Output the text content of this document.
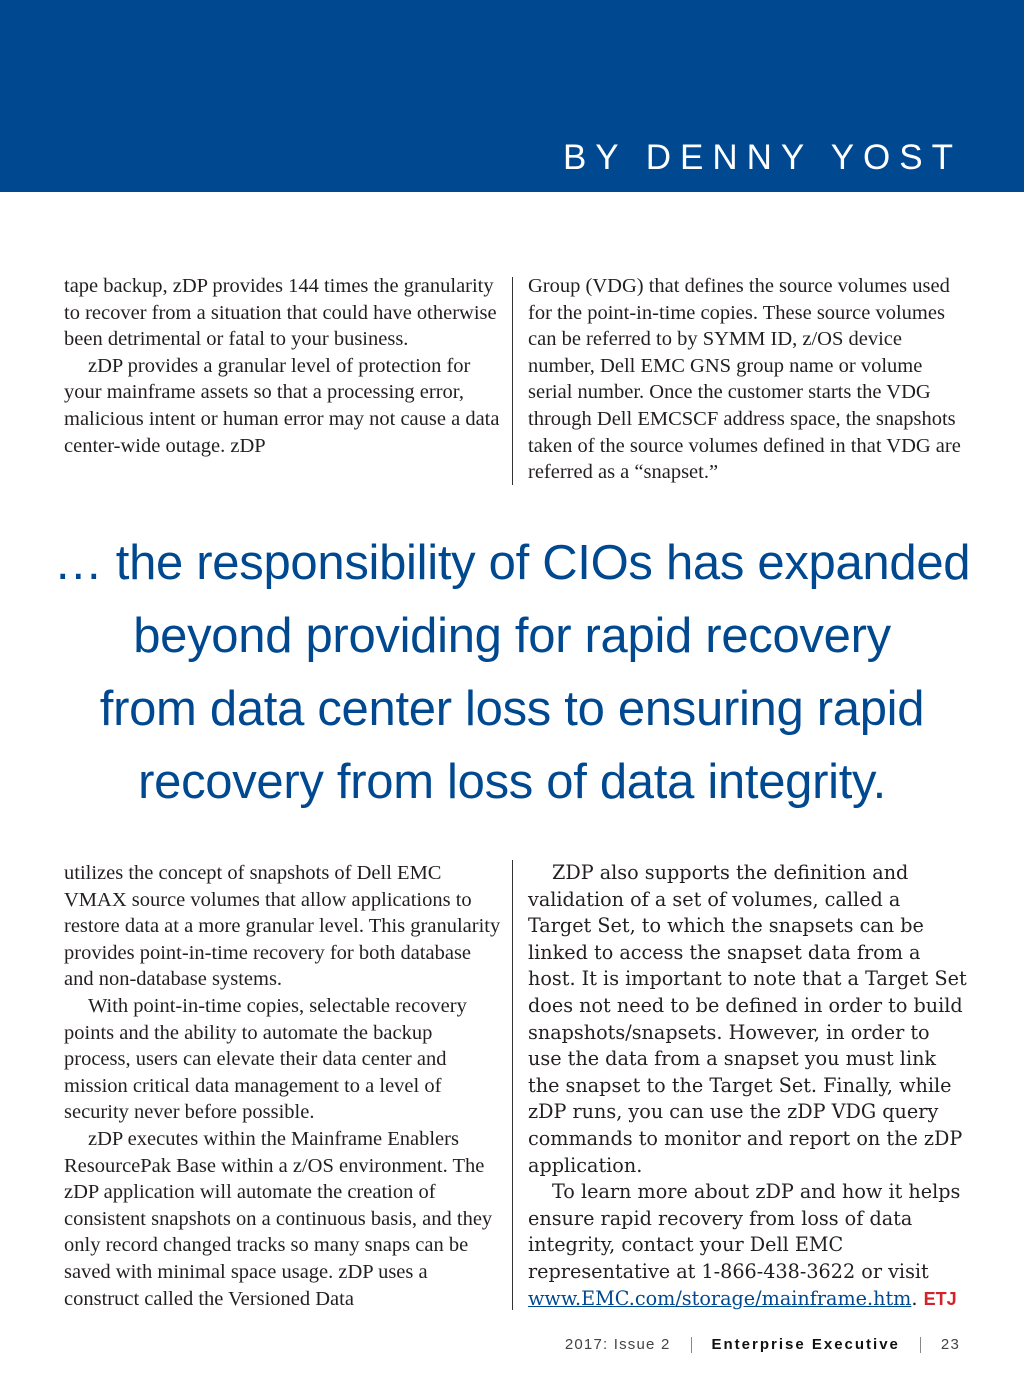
BY DENNY YOST

tape backup, zDP provides 144 times the granularity to recover from a situation that could have otherwise been detrimental or fatal to your business.

zDP provides a granular level of protection for your mainframe assets so that a processing error, malicious intent or human error may not cause a data center-wide outage. zDP

Group (VDG) that defines the source volumes used for the point-in-time copies. These source volumes can be referred to by SYMM ID, z/OS device number, Dell EMC GNS group name or volume serial number. Once the customer starts the VDG through Dell EMCSCF address space, the snapshots taken of the source volumes defined in that VDG are referred as a “snapset.”

… the responsibility of CIOs has expanded
beyond providing for rapid recovery
from data center loss to ensuring rapid
recovery from loss of data integrity.

utilizes the concept of snapshots of Dell EMC VMAX source volumes that allow applications to restore data at a more granular level. This granularity provides point-in-time recovery for both database and non-database systems.

With point-in-time copies, selectable recovery points and the ability to automate the backup process, users can elevate their data center and mission critical data management to a level of security never before possible.

zDP executes within the Mainframe Enablers ResourcePak Base within a z/OS environment. The zDP application will automate the creation of consistent snapshots on a continuous basis, and they only record changed tracks so many snaps can be saved with minimal space usage. zDP uses a construct called the Versioned Data

ZDP also supports the definition and validation of a set of volumes, called a Target Set, to which the snapsets can be linked to access the snapset data from a host. It is important to note that a Target Set does not need to be defined in order to build snapshots/snapsets. However, in order to use the data from a snapset you must link the snapset to the Target Set. Finally, while zDP runs, you can use the zDP VDG query commands to monitor and report on the zDP application.

To learn more about zDP and how it helps ensure rapid recovery from loss of data integrity, contact your Dell EMC representative at 1-866-438-3622 or visit www.EMC.com/storage/mainframe.htm. ETJ

2017: Issue 2	Enterprise Executive	23
